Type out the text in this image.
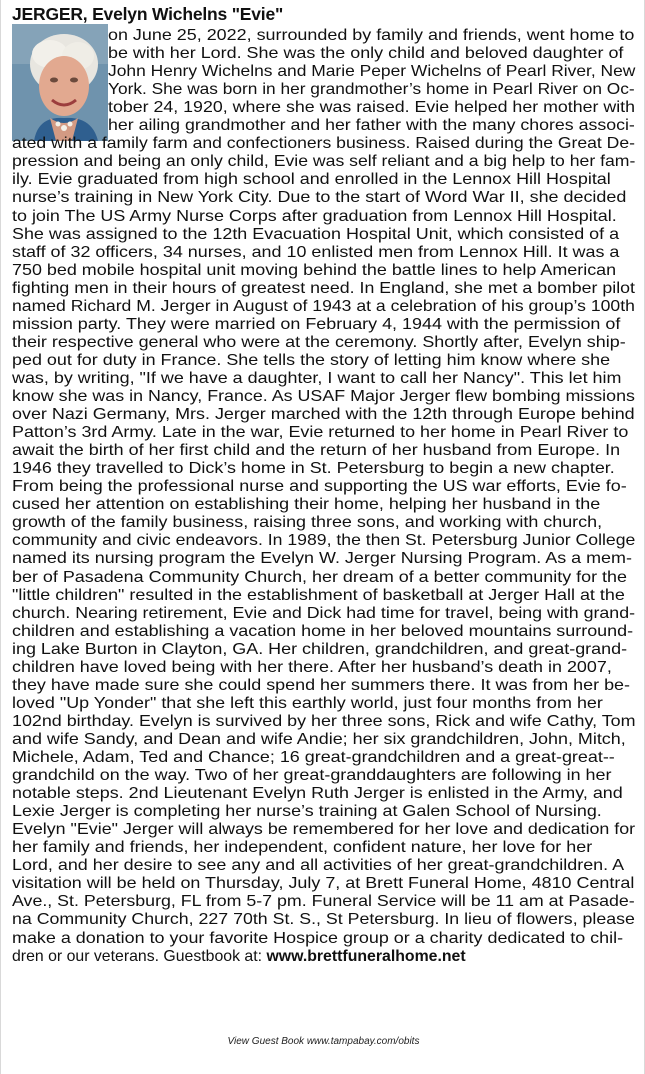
JERGER, Evelyn Wichelns "Evie"
on June 25, 2022, surrounded by family and friends, went home to
be with her Lord. She was the only child and beloved daughter of
John Henry Wichelns and Marie Peper Wichelns of Pearl River, New
York. She was born in her grandmother’s home in Pearl River on Oc-
tober 24, 1920, where she was raised. Evie helped her mother with
her ailing grandmother and her father with the many chores associ-
ated with a family farm and confectioners business. Raised during the Great De-
pression and being an only child, Evie was self reliant and a big help to her fam-
ily. Evie graduated from high school and enrolled in the Lennox Hill Hospital
nurse’s training in New York City. Due to the start of Word War II, she decided
to join The US Army Nurse Corps after graduation from Lennox Hill Hospital.
She was assigned to the 12th Evacuation Hospital Unit, which consisted of a
staff of 32 officers, 34 nurses, and 10 enlisted men from Lennox Hill. It was a
750 bed mobile hospital unit moving behind the battle lines to help American
fighting men in their hours of greatest need. In England, she met a bomber pilot
named Richard M. Jerger in August of 1943 at a celebration of his group’s 100th
mission party. They were married on February 4, 1944 with the permission of
their respective general who were at the ceremony. Shortly after, Evelyn ship-
ped out for duty in France. She tells the story of letting him know where she
was, by writing, "If we have a daughter, I want to call her Nancy". This let him
know she was in Nancy, France. As USAF Major Jerger flew bombing missions
over Nazi Germany, Mrs. Jerger marched with the 12th through Europe behind
Patton’s 3rd Army. Late in the war, Evie returned to her home in Pearl River to
await the birth of her first child and the return of her husband from Europe. In
1946 they travelled to Dick’s home in St. Petersburg to begin a new chapter.
From being the professional nurse and supporting the US war efforts, Evie fo-
cused her attention on establishing their home, helping her husband in the
growth of the family business, raising three sons, and working with church,
community and civic endeavors. In 1989, the then St. Petersburg Junior College
named its nursing program the Evelyn W. Jerger Nursing Program. As a mem-
ber of Pasadena Community Church, her dream of a better community for the
"little children" resulted in the establishment of basketball at Jerger Hall at the
church. Nearing retirement, Evie and Dick had time for travel, being with grand-
children and establishing a vacation home in her beloved mountains surround-
ing Lake Burton in Clayton, GA. Her children, grandchildren, and great-grand-
children have loved being with her there. After her husband’s death in 2007,
they have made sure she could spend her summers there. It was from her be-
loved "Up Yonder" that she left this earthly world, just four months from her
102nd birthday. Evelyn is survived by her three sons, Rick and wife Cathy, Tom
and wife Sandy, and Dean and wife Andie; her six grandchildren, John, Mitch,
Michele, Adam, Ted and Chance; 16 great-grandchildren and a great-great--
grandchild on the way. Two of her great-granddaughters are following in her
notable steps. 2nd Lieutenant Evelyn Ruth Jerger is enlisted in the Army, and
Lexie Jerger is completing her nurse’s training at Galen School of Nursing.
Evelyn "Evie" Jerger will always be remembered for her love and dedication for
her family and friends, her independent, confident nature, her love for her
Lord, and her desire to see any and all activities of her great-grandchildren. A
visitation will be held on Thursday, July 7, at Brett Funeral Home, 4810 Central
Ave., St. Petersburg, FL from 5-7 pm. Funeral Service will be 11 am at Pasade-
na Community Church, 227 70th St. S., St Petersburg. In lieu of flowers, please
make a donation to your favorite Hospice group or a charity dedicated to chil-
dren or our veterans. Guestbook at: www.brettfuneralhome.net
View Guest Book www.tampabay.com/obits
